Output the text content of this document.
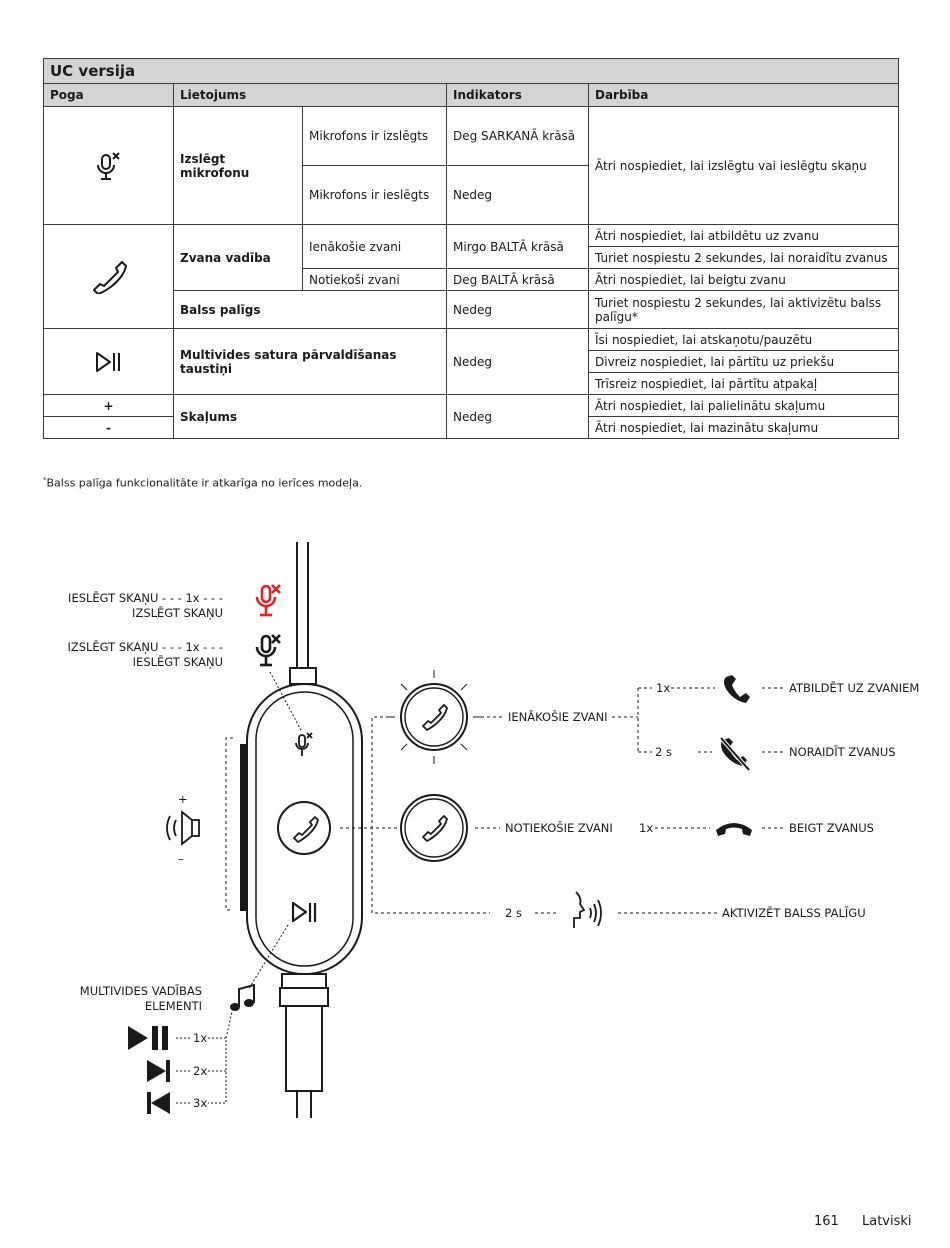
UC versija				
Poga	Lietojums		Indikators	Darbība

	Izslēgt mikrofonu	Mikrofons ir izslēgts	Deg SARKANĀ krāsā	Ātri nospiediet, lai izslēgtu vai ieslēgtu skaņu
		Mikrofons ir ieslēgts	Nedeg	

	Zvana vadība	Ienākošie zvani	Mirgo BALTĀ krāsā	Ātri nospiediet, lai atbildētu uz zvanu
				Turiet nospiestu 2 sekundes, lai noraidītu zvanus
		Notiekoši zvani	Deg BALTĀ krāsā	Ātri nospiediet, lai beigtu zvanu
	Balss palīgs		Nedeg	Turiet nospiestu 2 sekundes, lai aktivizētu balss palīgu*

	Multivides satura pārvaldīšanas taustiņi		Nedeg	Īsi nospiediet, lai atskaņotu/pauzētu
				Divreiz nospiediet, lai pārtītu uz priekšu
				Trīsreiz nospiediet, lai pārtītu atpakaļ
+	Skaļums		Nedeg	Ātri nospiediet, lai palielinātu skaļumu
-				Ātri nospiediet, lai mazinātu skaļumu
*Balss palīga funkcionalitāte ir atkarīga no ierīces modeļa.
IESLĒGT SKAŅU - - - 1x - - -
IZSLĒGT SKAŅU
IZSLĒGT SKAŅU - - - 1x - - -
IESLĒGT SKAŅU
IENĀKOŠIE ZVANI
1x
2 s
ATBILDĒT UZ ZVANIEM
NORAIDĪT ZVANUS
NOTIEKOŠIE ZVANI 1x	BEIGT ZVANUS
2 s	AKTIVIZĒT BALSS PALĪGU
+
–
MULTIVIDES VADĪBAS
ELEMENTI
1x
2x
3x
161 Latviski
